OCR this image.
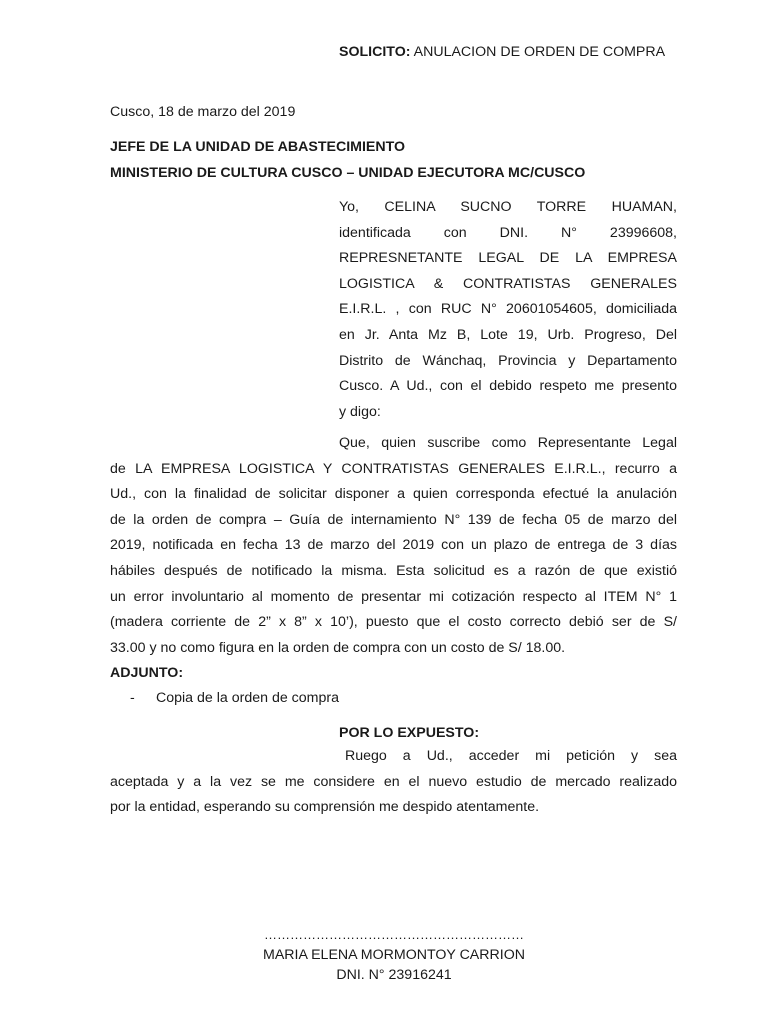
SOLICITO: ANULACION DE ORDEN DE COMPRA
Cusco, 18 de marzo del 2019
JEFE DE LA UNIDAD DE ABASTECIMIENTO
MINISTERIO DE CULTURA CUSCO – UNIDAD EJECUTORA MC/CUSCO
Yo, CELINA SUCNO TORRE HUAMAN,
identificada con DNI. N° 23996608,
REPRESNETANTE LEGAL DE LA EMPRESA
LOGISTICA & CONTRATISTAS GENERALES
E.I.R.L. , con RUC N° 20601054605, domiciliada
en Jr. Anta Mz B, Lote 19, Urb. Progreso, Del
Distrito de Wánchaq, Provincia y Departamento
Cusco. A Ud., con el debido respeto me presento
y digo:
Que, quien suscribe como Representante Legal
de LA EMPRESA LOGISTICA Y CONTRATISTAS GENERALES E.I.R.L., recurro a
Ud., con la finalidad de solicitar disponer a quien corresponda efectué la anulación
de la orden de compra – Guía de internamiento N° 139 de fecha 05 de marzo del
2019, notificada en fecha 13 de marzo del 2019 con un plazo de entrega de 3 días
hábiles después de notificado la misma. Esta solicitud es a razón de que existió
un error involuntario al momento de presentar mi cotización respecto al ITEM N° 1
(madera corriente de 2” x 8” x 10’), puesto que el costo correcto debió ser de S/
33.00 y no como figura en la orden de compra con un costo de S/ 18.00.
ADJUNTO:
- Copia de la orden de compra
POR LO EXPUESTO:
Ruego a Ud., acceder mi petición y sea
aceptada y a la vez se me considere en el nuevo estudio de mercado realizado
por la entidad, esperando su comprensión me despido atentamente.
……………………………………………………
MARIA ELENA MORMONTOY CARRION
DNI. N° 23916241
